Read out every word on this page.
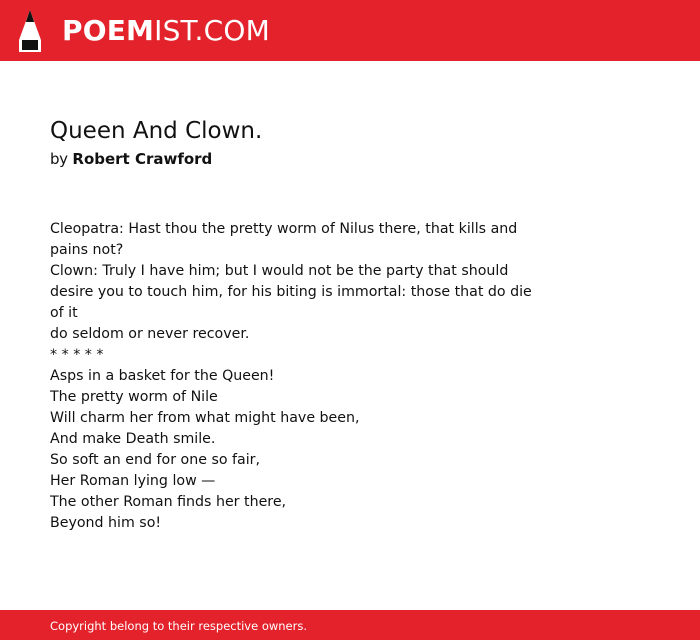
POEMIST.COM
Queen And Clown.
by Robert Crawford
Cleopatra: Hast thou the pretty worm of Nilus there, that kills and pains not?
Clown: Truly I have him; but I would not be the party that should desire you to touch him, for his biting is immortal: those that do die of it
do seldom or never recover.
* * * * *
Asps in a basket for the Queen!
The pretty worm of Nile
Will charm her from what might have been,
And make Death smile.
So soft an end for one so fair,
Her Roman lying low —
The other Roman finds her there,
Beyond him so!
Copyright belong to their respective owners.
